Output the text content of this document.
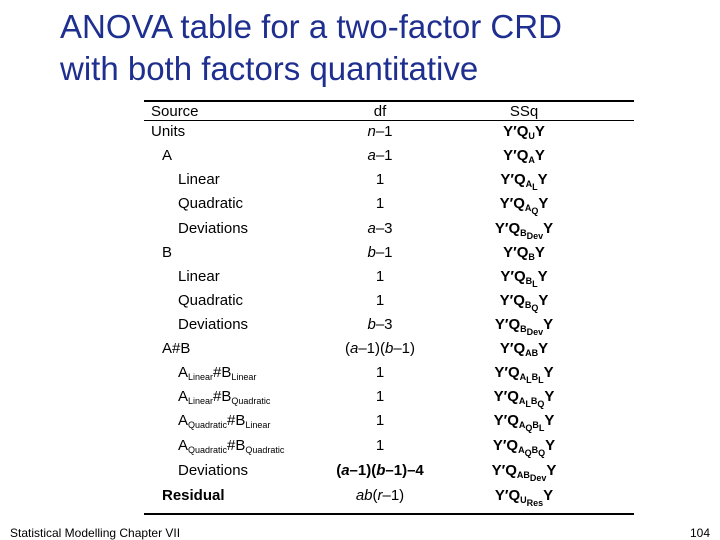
ANOVA table for a two-factor CRD
with both factors quantitative
Source	df	SSq
Units	n–1	$Y'Q_UY$
A	a–1	$Y'Q_AY$
Linear	1	$Y'Q_{A_L}Y$
Quadratic	1	$Y'Q_{A_Q}Y$
Deviations	a–3	$Y'Q_{B_{Dev}}Y$
B	b–1	$Y'Q_BY$
Linear	1	$Y'Q_{B_L}Y$
Quadratic	1	$Y'Q_{B_Q}Y$
Deviations	b–3	$Y'Q_{B_{Dev}}Y$
A#B	(a–1)(b–1)	$Y'Q_{AB}Y$
$A_{Linear}\#B_{Linear}$	1	$Y'Q_{A_LB_L}Y$
$A_{Linear}\#B_{Quadratic}$	1	$Y'Q_{A_LB_Q}Y$
$A_{Quadratic}\#B_{Linear}$	1	$Y'Q_{A_QB_L}Y$
$A_{Quadratic}\#B_{Quadratic}$	1	$Y'Q_{A_QB_Q}Y$
Deviations	(a–1)(b–1)–4	$Y'Q_{AB_{Dev}}Y$
Residual	ab(r–1)	$Y'Q_{U_{Res}}Y$
Statistical Modelling Chapter VII	104
